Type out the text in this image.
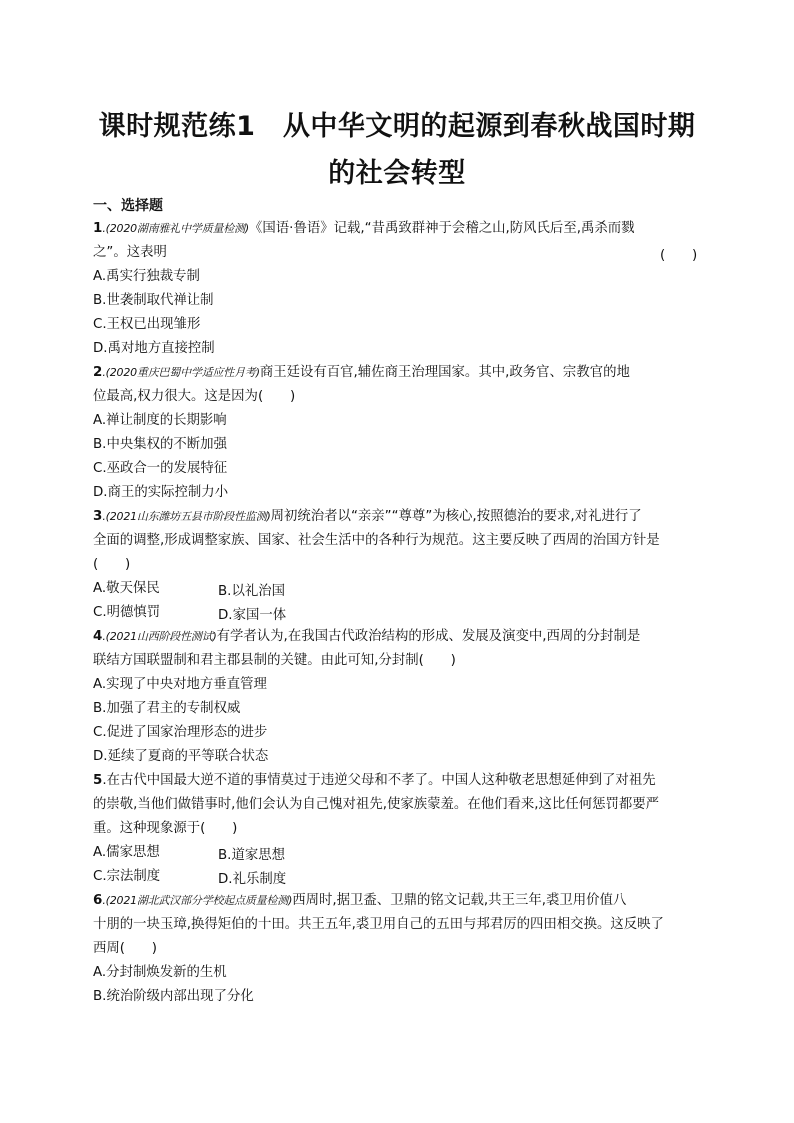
课时规范练1　从中华文明的起源到春秋战国时期
的社会转型
一、选择题
1.(2020湖南雅礼中学质量检测)《国语·鲁语》记载,“昔禹致群神于会稽之山,防风氏后至,禹杀而戮
之”。这表明	(　　)
A.禹实行独裁专制
B.世袭制取代禅让制
C.王权已出现雏形
D.禹对地方直接控制
2.(2020重庆巴蜀中学适应性月考)商王廷设有百官,辅佐商王治理国家。其中,政务官、宗教官的地
位最高,权力很大。这是因为(　　)
A.禅让制度的长期影响
B.中央集权的不断加强
C.巫政合一的发展特征
D.商王的实际控制力小
3.(2021山东潍坊五县市阶段性监测)周初统治者以“亲亲”“尊尊”为核心,按照德治的要求,对礼进行了
全面的调整,形成调整家族、国家、社会生活中的各种行为规范。这主要反映了西周的治国方针是
(　　)
A.敬天保民	B.以礼治国
C.明德慎罚	D.家国一体
4.(2021山西阶段性测试)有学者认为,在我国古代政治结构的形成、发展及演变中,西周的分封制是
联结方国联盟制和君主郡县制的关键。由此可知,分封制(　　)
A.实现了中央对地方垂直管理
B.加强了君主的专制权威
C.促进了国家治理形态的进步
D.延续了夏商的平等联合状态
5.在古代中国最大逆不道的事情莫过于违逆父母和不孝了。中国人这种敬老思想延伸到了对祖先
的崇敬,当他们做错事时,他们会认为自己愧对祖先,使家族蒙羞。在他们看来,这比任何惩罚都要严
重。这种现象源于(　　)
A.儒家思想	B.道家思想
C.宗法制度	D.礼乐制度
6.(2021湖北武汉部分学校起点质量检测)西周时,据卫盉、卫鼎的铭文记载,共王三年,裘卫用价值八
十朋的一块玉璋,换得矩伯的十田。共王五年,裘卫用自己的五田与邦君厉的四田相交换。这反映了
西周(　　)
A.分封制焕发新的生机
B.统治阶级内部出现了分化
